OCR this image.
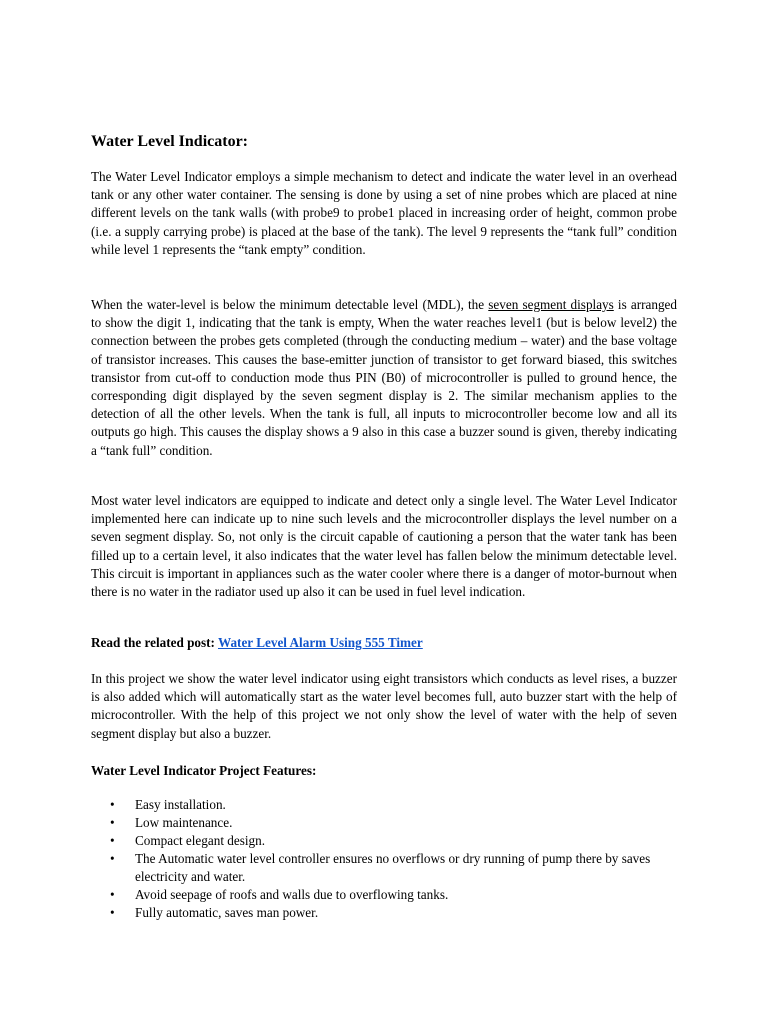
Water Level Indicator:

The Water Level Indicator employs a simple mechanism to detect and indicate the water level in an overhead tank or any other water container. The sensing is done by using a set of nine probes which are placed at nine different levels on the tank walls (with probe9 to probe1 placed in increasing order of height, common probe (i.e. a supply carrying probe) is placed at the base of the tank). The level 9 represents the “tank full” condition while level 1 represents the “tank empty” condition.

When the water-level is below the minimum detectable level (MDL), the seven segment displays is arranged to show the digit 1, indicating that the tank is empty, When the water reaches level1 (but is below level2) the connection between the probes gets completed (through the conducting medium – water) and the base voltage of transistor increases. This causes the base-emitter junction of transistor to get forward biased, this switches transistor from cut-off to conduction mode thus PIN (B0) of microcontroller is pulled to ground hence, the corresponding digit displayed by the seven segment display is 2. The similar mechanism applies to the detection of all the other levels. When the tank is full, all inputs to microcontroller become low and all its outputs go high. This causes the display shows a 9 also in this case a buzzer sound is given, thereby indicating a “tank full” condition.

Most water level indicators are equipped to indicate and detect only a single level. The Water Level Indicator implemented here can indicate up to nine such levels and the microcontroller displays the level number on a seven segment display. So, not only is the circuit capable of cautioning a person that the water tank has been filled up to a certain level, it also indicates that the water level has fallen below the minimum detectable level. This circuit is important in appliances such as the water cooler where there is a danger of motor-burnout when there is no water in the radiator used up also it can be used in fuel level indication.

Read the related post: Water Level Alarm Using 555 Timer

In this project we show the water level indicator using eight transistors which conducts as level rises, a buzzer is also added which will automatically start as the water level becomes full, auto buzzer start with the help of microcontroller. With the help of this project we not only show the level of water with the help of seven segment display but also a buzzer.

Water Level Indicator Project Features:
• Easy installation.
• Low maintenance.
• Compact elegant design.
• The Automatic water level controller ensures no overflows or dry running of pump there by saves electricity and water.
• Avoid seepage of roofs and walls due to overflowing tanks.
• Fully automatic, saves man power.
